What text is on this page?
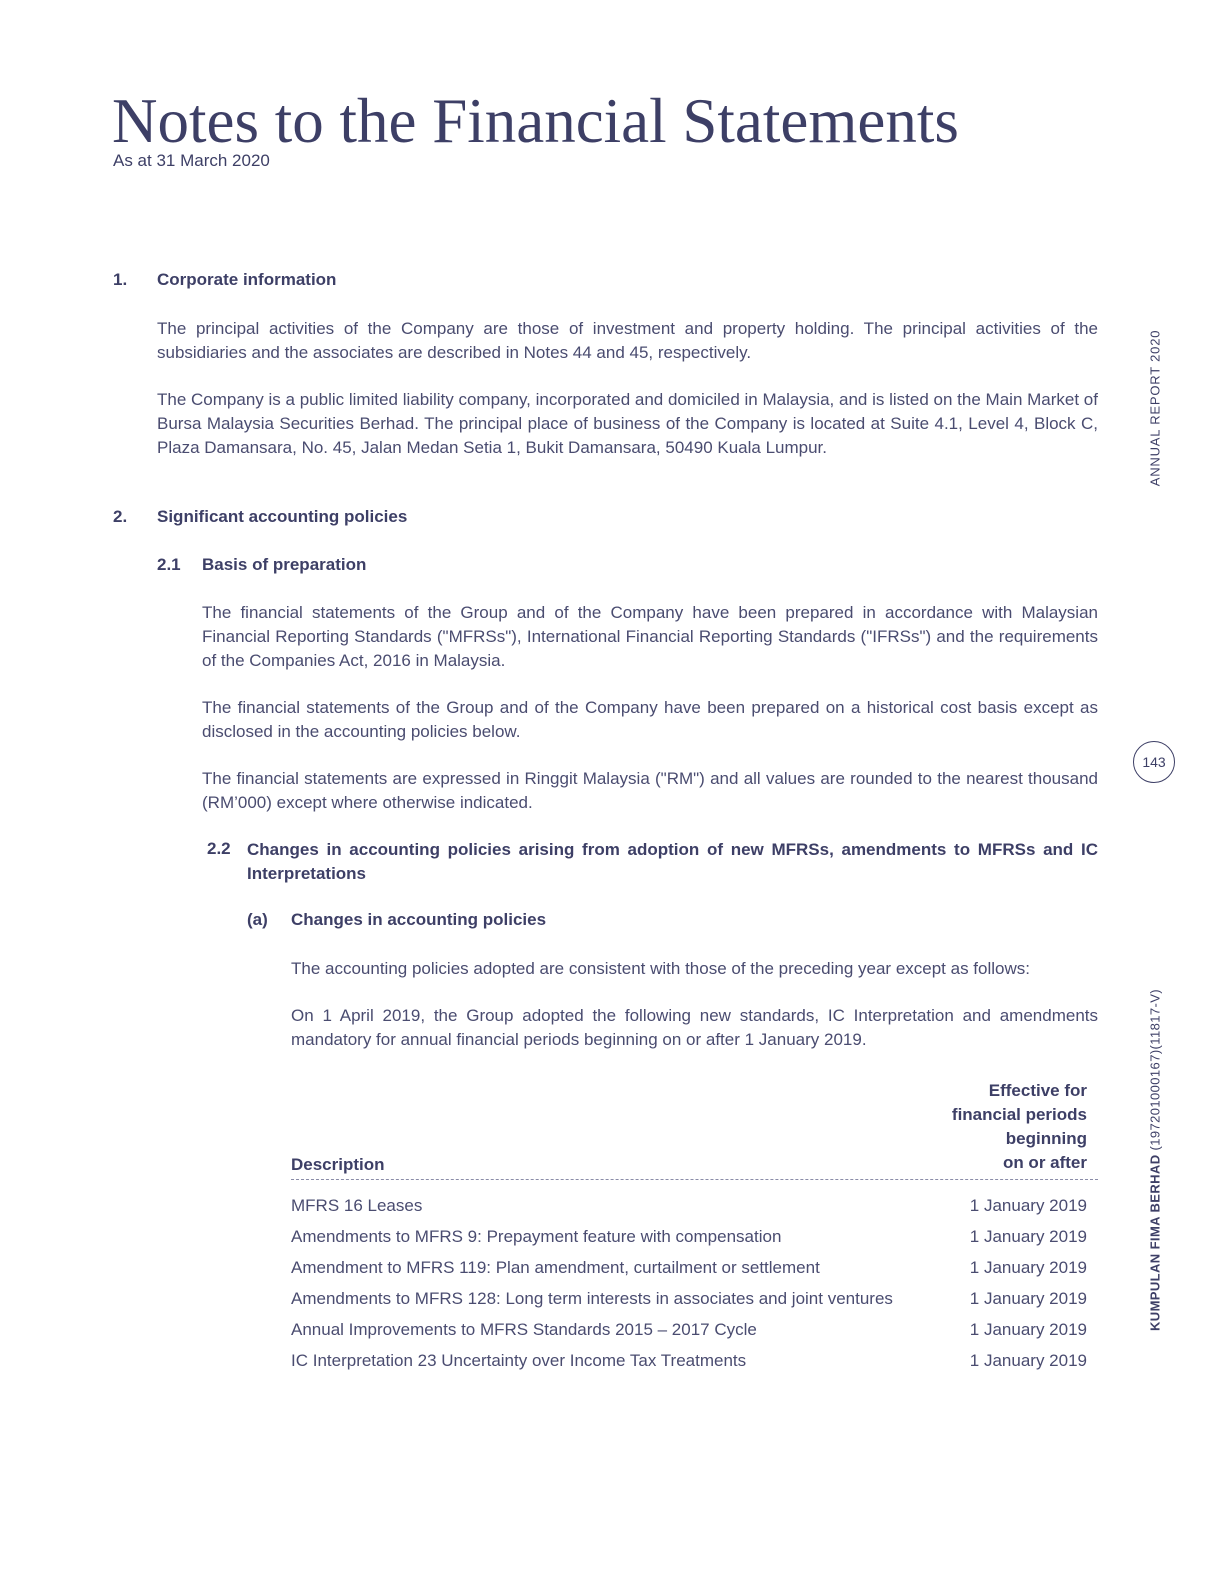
Notes to the Financial Statements
As at 31 March 2020
1. Corporate information
The principal activities of the Company are those of investment and property holding. The principal activities of the subsidiaries and the associates are described in Notes 44 and 45, respectively.
The Company is a public limited liability company, incorporated and domiciled in Malaysia, and is listed on the Main Market of Bursa Malaysia Securities Berhad. The principal place of business of the Company is located at Suite 4.1, Level 4, Block C, Plaza Damansara, No. 45, Jalan Medan Setia 1, Bukit Damansara, 50490 Kuala Lumpur.
2. Significant accounting policies
2.1 Basis of preparation
The financial statements of the Group and of the Company have been prepared in accordance with Malaysian Financial Reporting Standards ("MFRSs"), International Financial Reporting Standards ("IFRSs") and the requirements of the Companies Act, 2016 in Malaysia.
The financial statements of the Group and of the Company have been prepared on a historical cost basis except as disclosed in the accounting policies below.
The financial statements are expressed in Ringgit Malaysia ("RM") and all values are rounded to the nearest thousand (RM’000) except where otherwise indicated.
2.2 Changes in accounting policies arising from adoption of new MFRSs, amendments to MFRSs and IC Interpretations
(a) Changes in accounting policies
The accounting policies adopted are consistent with those of the preceding year except as follows:
On 1 April 2019, the Group adopted the following new standards, IC Interpretation and amendments mandatory for annual financial periods beginning on or after 1 January 2019.
Description
Effective for
financial periods
beginning
on or after
MFRS 16 Leases	1 January 2019
Amendments to MFRS 9: Prepayment feature with compensation	1 January 2019
Amendment to MFRS 119: Plan amendment, curtailment or settlement	1 January 2019
Amendments to MFRS 128: Long term interests in associates and joint ventures	1 January 2019
Annual Improvements to MFRS Standards 2015 – 2017 Cycle	1 January 2019
IC Interpretation 23 Uncertainty over Income Tax Treatments	1 January 2019
ANNUAL REPORT 2020
143
KUMPULAN FIMA BERHAD (197201000167)(11817-V)
